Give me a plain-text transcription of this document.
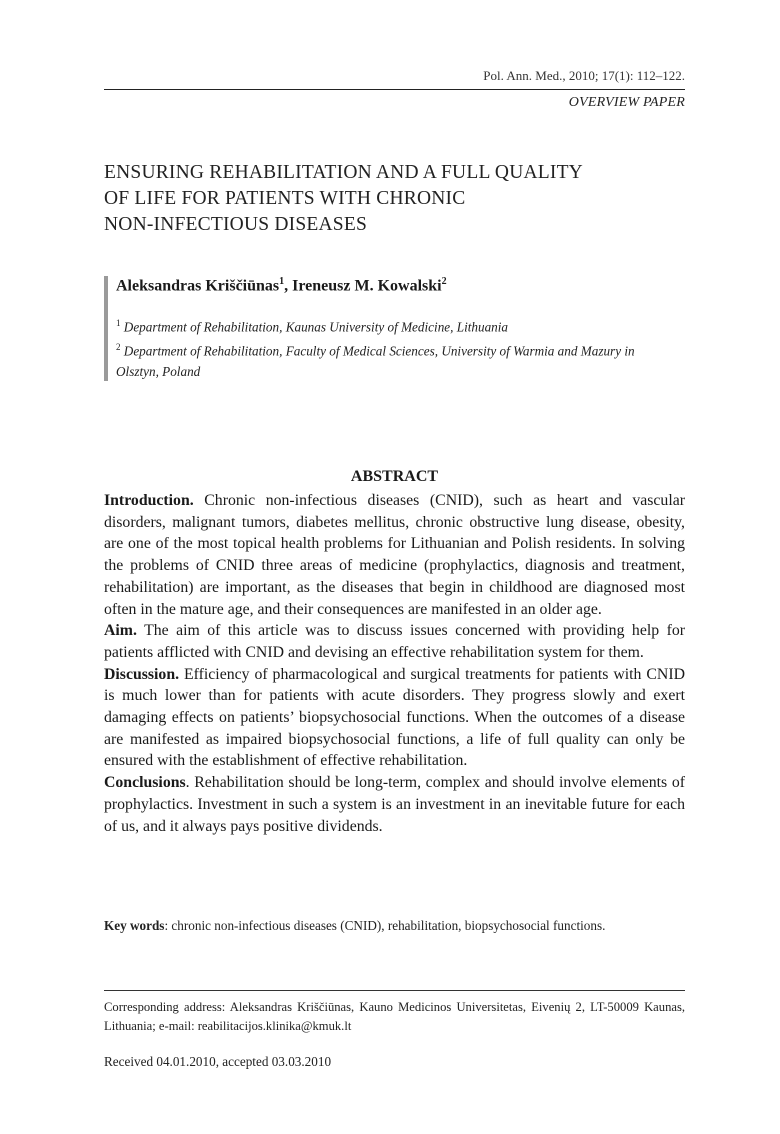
Pol. Ann. Med., 2010; 17(1): 112–122.
OVERVIEW PAPER
ENSURING REHABILITATION AND A FULL QUALITY
OF LIFE FOR PATIENTS WITH CHRONIC
NON-INFECTIOUS DISEASES
Aleksandras Kriščiūnas$^1$, Ireneusz M. Kowalski$^2$
$^1$ Department of Rehabilitation, Kaunas University of Medicine, Lithuania
$^2$ Department of Rehabilitation, Faculty of Medical Sciences, University of Warmia and Mazury in Olsztyn, Poland
ABSTRACT

Introduction. Chronic non-infectious diseases (CNID), such as heart and vascular disorders, malignant tumors, diabetes mellitus, chronic obstructive lung disease, obesity, are one of the most topical health problems for Lithuanian and Polish residents. In solving the problems of CNID three areas of medicine (prophylactics, diagnosis and treatment, rehabilitation) are important, as the diseases that begin in childhood are diagnosed most often in the mature age, and their consequences are manifested in an older age.

Aim. The aim of this article was to discuss issues concerned with providing help for patients afflicted with CNID and devising an effective rehabilitation system for them.

Discussion. Efficiency of pharmacological and surgical treatments for patients with CNID is much lower than for patients with acute disorders. They progress slowly and exert damaging effects on patients’ biopsychosocial functions. When the outcomes of a disease are manifested as impaired biopsychosocial functions, a life of full quality can only be ensured with the establishment of effective rehabilitation.

Conclusions. Rehabilitation should be long-term, complex and should involve elements of prophylactics. Investment in such a system is an investment in an inevitable future for each of us, and it always pays positive dividends.

Key words: chronic non-infectious diseases (CNID), rehabilitation, biopsychosocial functions.
Corresponding address: Aleksandras Kriščiūnas, Kauno Medicinos Universitetas, Eivenių 2, LT-50009 Kaunas, Lithuania; e-mail: reabilitacijos.klinika@kmuk.lt
Received 04.01.2010, accepted 03.03.2010
